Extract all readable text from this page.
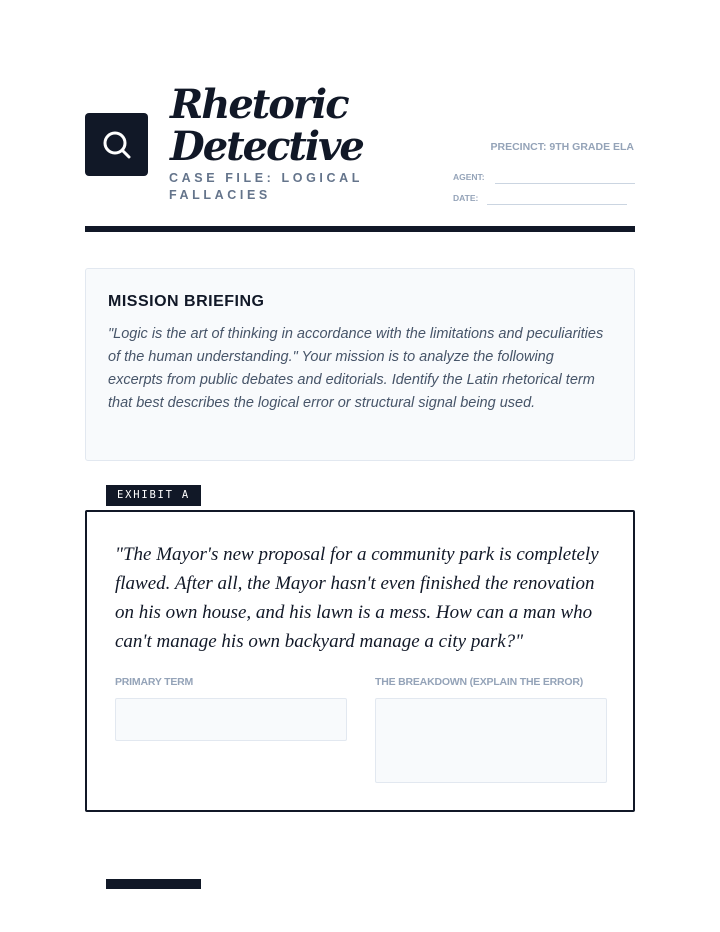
Rhetoric
Detective
CASE FILE: LOGICAL FALLACIES
PRECINCT: 9TH GRADE ELA
AGENT:
DATE:
MISSION BRIEFING

"Logic is the art of thinking in accordance with the limitations and peculiarities of the human understanding." Your mission is to analyze the following excerpts from public debates and editorials. Identify the Latin rhetorical term that best describes the logical error or structural signal being used.

EXHIBIT A

"The Mayor's new proposal for a community park is completely flawed. After all, the Mayor hasn't even finished the renovation on his own house, and his lawn is a mess. How can a man who can't manage his own backyard manage a city park?"

PRIMARY TERM	THE BREAKDOWN (EXPLAIN THE ERROR)
